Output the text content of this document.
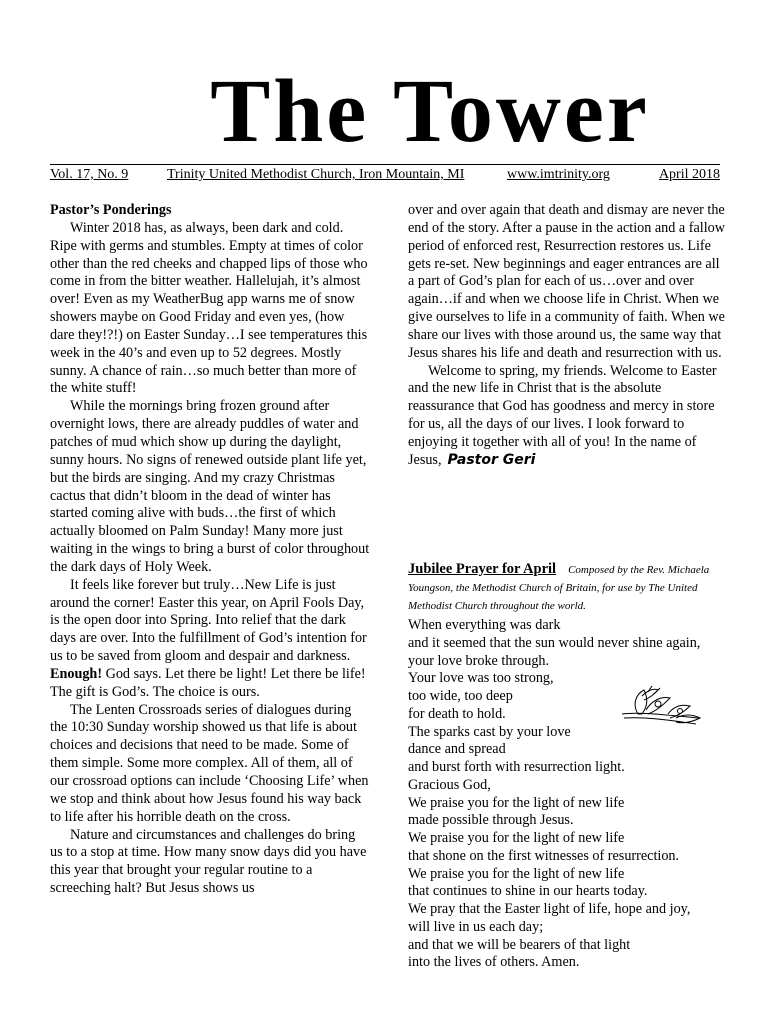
The Tower
Vol. 17, No. 9	Trinity United Methodist Church, Iron Mountain, MI	www.imtrinity.org	April 2018

Pastor’s Ponderings

Winter 2018 has, as always, been dark and cold. Ripe with germs and stumbles. Empty at times of color other than the red cheeks and chapped lips of those who come in from the bitter weather. Hallelujah, it’s almost over! Even as my WeatherBug app warns me of snow showers maybe on Good Friday and even yes, (how dare they!?!) on Easter Sunday…I see temperatures this week in the 40’s and even up to 52 degrees. Mostly sunny. A chance of rain…so much better than more of the white stuff!

While the mornings bring frozen ground after overnight lows, there are already puddles of water and patches of mud which show up during the daylight, sunny hours. No signs of renewed outside plant life yet, but the birds are singing. And my crazy Christmas cactus that didn’t bloom in the dead of winter has started coming alive with buds…the first of which actually bloomed on Palm Sunday! Many more just waiting in the wings to bring a burst of color throughout the dark days of Holy Week.

It feels like forever but truly…New Life is just around the corner! Easter this year, on April Fools Day, is the open door into Spring. Into relief that the dark days are over. Into the fulfillment of God’s intention for us to be saved from gloom and despair and darkness. Enough! God says. Let there be light! Let there be life! The gift is God’s. The choice is ours.

The Lenten Crossroads series of dialogues during the 10:30 Sunday worship showed us that life is about choices and decisions that need to be made. Some of them simple. Some more complex. All of them, all of our crossroad options can include ‘Choosing Life’ when we stop and think about how Jesus found his way back to life after his horrible death on the cross.

Nature and circumstances and challenges do bring us to a stop at time. How many snow days did you have this year that brought your regular routine to a screeching halt? But Jesus shows us

over and over again that death and dismay are never the end of the story. After a pause in the action and a fallow period of enforced rest, Resurrection restores us. Life gets re-set. New beginnings and eager entrances are all a part of God’s plan for each of us…over and over again…if and when we choose life in Christ. When we give ourselves to life in a community of faith. When we share our lives with those around us, the same way that Jesus shares his life and death and resurrection with us.

Welcome to spring, my friends. Welcome to Easter and the new life in Christ that is the absolute reassurance that God has goodness and mercy in store for us, all the days of our lives. I look forward to enjoying it together with all of you! In the name of Jesus, Pastor Geri

Jubilee Prayer for April Composed by the Rev. Michaela Youngson, the Methodist Church of Britain, for use by The United Methodist Church throughout the world.
When everything was dark
and it seemed that the sun would never shine again,
your love broke through.
Your love was too strong,
too wide, too deep
for death to hold.
The sparks cast by your love
dance and spread
and burst forth with resurrection light.
Gracious God,
We praise you for the light of new life
made possible through Jesus.
We praise you for the light of new life
that shone on the first witnesses of resurrection.
We praise you for the light of new life
that continues to shine in our hearts today.
We pray that the Easter light of life, hope and joy,
will live in us each day;
and that we will be bearers of that light
into the lives of others. Amen.
